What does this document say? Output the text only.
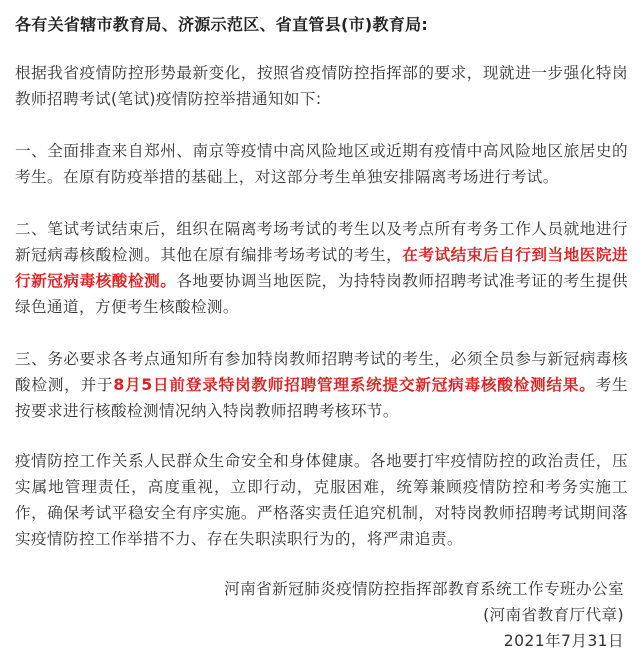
各有关省辖市教育局、济源示范区、省直管县(市)教育局:

根据我省疫情防控形势最新变化，按照省疫情防控指挥部的要求，现就进一步强化特岗教师招聘考试(笔试)疫情防控举措通知如下:

一、全面排查来自郑州、南京等疫情中高风险地区或近期有疫情中高风险地区旅居史的考生。在原有防疫举措的基础上，对这部分考生单独安排隔离考场进行考试。

二、笔试考试结束后，组织在隔离考场考试的考生以及考点所有考务工作人员就地进行新冠病毒核酸检测。其他在原有编排考场考试的考生，在考试结束后自行到当地医院进行新冠病毒核酸检测。各地要协调当地医院，为持特岗教师招聘考试准考证的考生提供绿色通道，方便考生核酸检测。

三、务必要求各考点通知所有参加特岗教师招聘考试的考生，必须全员参与新冠病毒核酸检测，并于8月5日前登录特岗教师招聘管理系统提交新冠病毒核酸检测结果。考生按要求进行核酸检测情况纳入特岗教师招聘考核环节。

疫情防控工作关系人民群众生命安全和身体健康。各地要打牢疫情防控的政治责任，压实属地管理责任，高度重视，立即行动，克服困难，统筹兼顾疫情防控和考务实施工作，确保考试平稳安全有序实施。严格落实责任追究机制，对特岗教师招聘考试期间落实疫情防控工作举措不力、存在失职渎职行为的，将严肃追责。

河南省新冠肺炎疫情防控指挥部教育系统工作专班办公室
(河南省教育厅代章)
2021年7月31日
